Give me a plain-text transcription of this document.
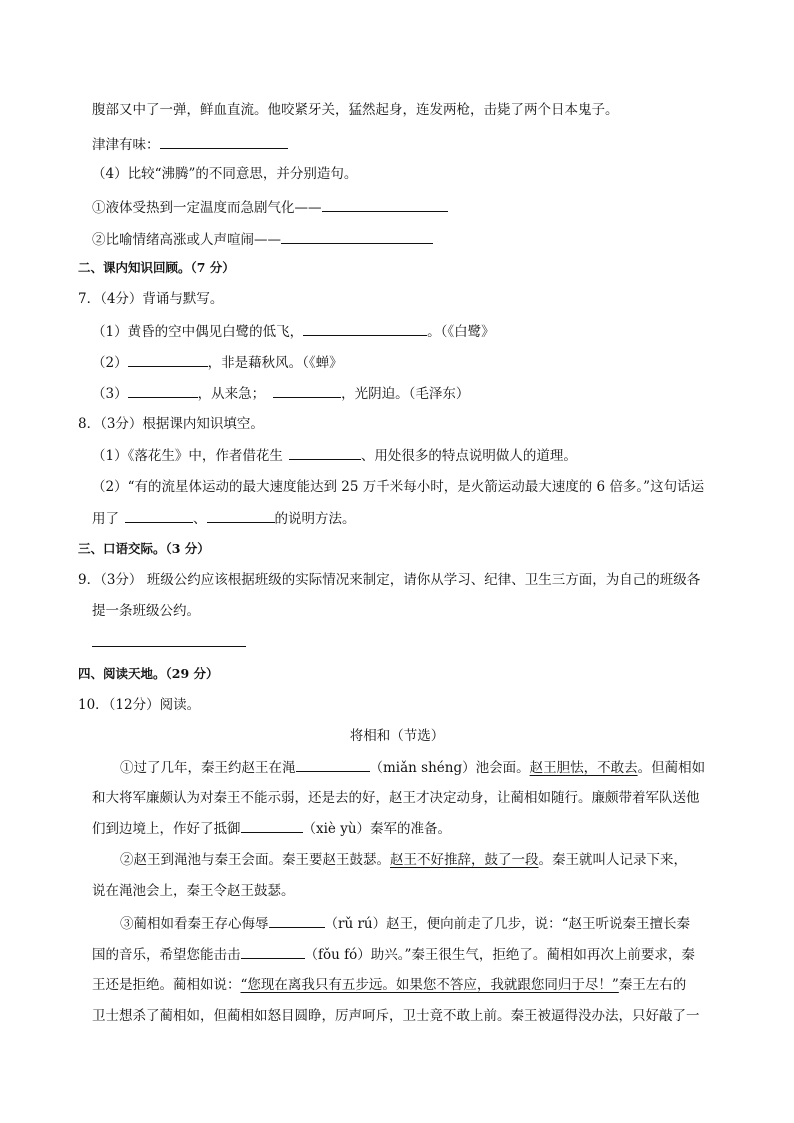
腹部又中了一弹，鲜血直流。他咬紧牙关，猛然起身，连发两枪，击毙了两个日本鬼子。
津津有味：
（4）比较“沸腾”的不同意思，并分别造句。
①液体受热到一定温度而急剧气化——
②比喻情绪高涨或人声喧闹——
二、课内知识回顾。（7 分）
7．（4分）背诵与默写。
（1）黄昏的空中偶见白鹭的低飞，	。（《白鹭》
（2）	，非是藉秋风。（《蝉》
（3）	，从来急；	，光阴迫。（毛泽东）
8．（3分）根据课内知识填空。
（1）《落花生》中，作者借花生	、用处很多的特点说明做人的道理。
（2）“有的流星体运动的最大速度能达到 25 万千米每小时，是火箭运动最大速度的 6 倍多。”这句话运
用了	、	的说明方法。
三、口语交际。（3 分）
9．（3分） 班级公约应该根据班级的实际情况来制定，请你从学习、纪律、卫生三方面，为自己的班级各
提一条班级公约。
四、阅读天地。（29 分）
10．（12分）阅读。
将相和（节选）
①过了几年，秦王约赵王在渑	（miǎn shéng）池会面。赵王胆怯，不敢去。但蔺相如
和大将军廉颇认为对秦王不能示弱，还是去的好，赵王才决定动身，让蔺相如随行。廉颇带着军队送他
们到边境上，作好了抵御	（xiè yù）秦军的准备。
②赵王到渑池与秦王会面。秦王要赵王鼓瑟。赵王不好推辞，鼓了一段。秦王就叫人记录下来，
说在渑池会上，秦王令赵王鼓瑟。
③蔺相如看秦王存心侮辱	（rǔ rú）赵王，便向前走了几步，说：“赵王听说秦王擅长秦
国的音乐，希望您能击击	（fǒu fó）助兴。”秦王很生气，拒绝了。蔺相如再次上前要求，秦
王还是拒绝。蔺相如说：“您现在离我只有五步远。如果您不答应，我就跟您同归于尽！”秦王左右的
卫士想杀了蔺相如，但蔺相如怒目圆睁，厉声呵斥，卫士竟不敢上前。秦王被逼得没办法，只好敲了一
